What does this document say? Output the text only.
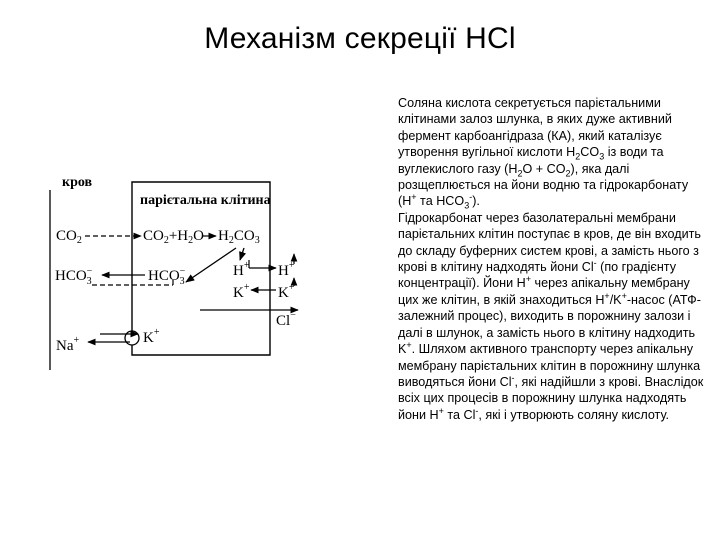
Механізм секреції HCl
кров
парієтальна клітина
$CO_2$	$CO_2+H_2O$ $H_2CO_3$
$HCO_3-$	$HCO_3-$	H+
K+
H+
K+
Cl−
Na+	K+

Соляна кислота секретується парієтальними клітинами залоз шлунка, в яких дуже активний фермент карбоангідраза (КА), який каталізує утворення вугільної кислоти $H_2CO_3$ із води та вуглекислого газу $(H_2O + CO_2)$, яка далі розщеплюється на йони водню та гідрокарбонату (H+ та $HCO_3^-$).

Гідрокарбонат через базолатеральні мембрани парієтальних клітин поступає в кров, де він входить до складу буферних систем крові, а замість нього з крові в клітину надходять йони Cl- (по градієнту концентрації). Йони H+ через апікальну мембрану цих же клітин, в якій знаходиться H+/K+-насос (АТФ-залежний процес), виходить в порожнину залози і далі в шлунок, а замість нього в клітину надходить K+. Шляхом активного транспорту через апікальну мембрану парієтальних клітин в порожнину шлунка виводяться йони Cl-, які надійшли з крові. Внаслідок всіх цих процесів в порожнину шлунка надходять йони H+ та Cl-, які і утворюють соляну кислоту.
